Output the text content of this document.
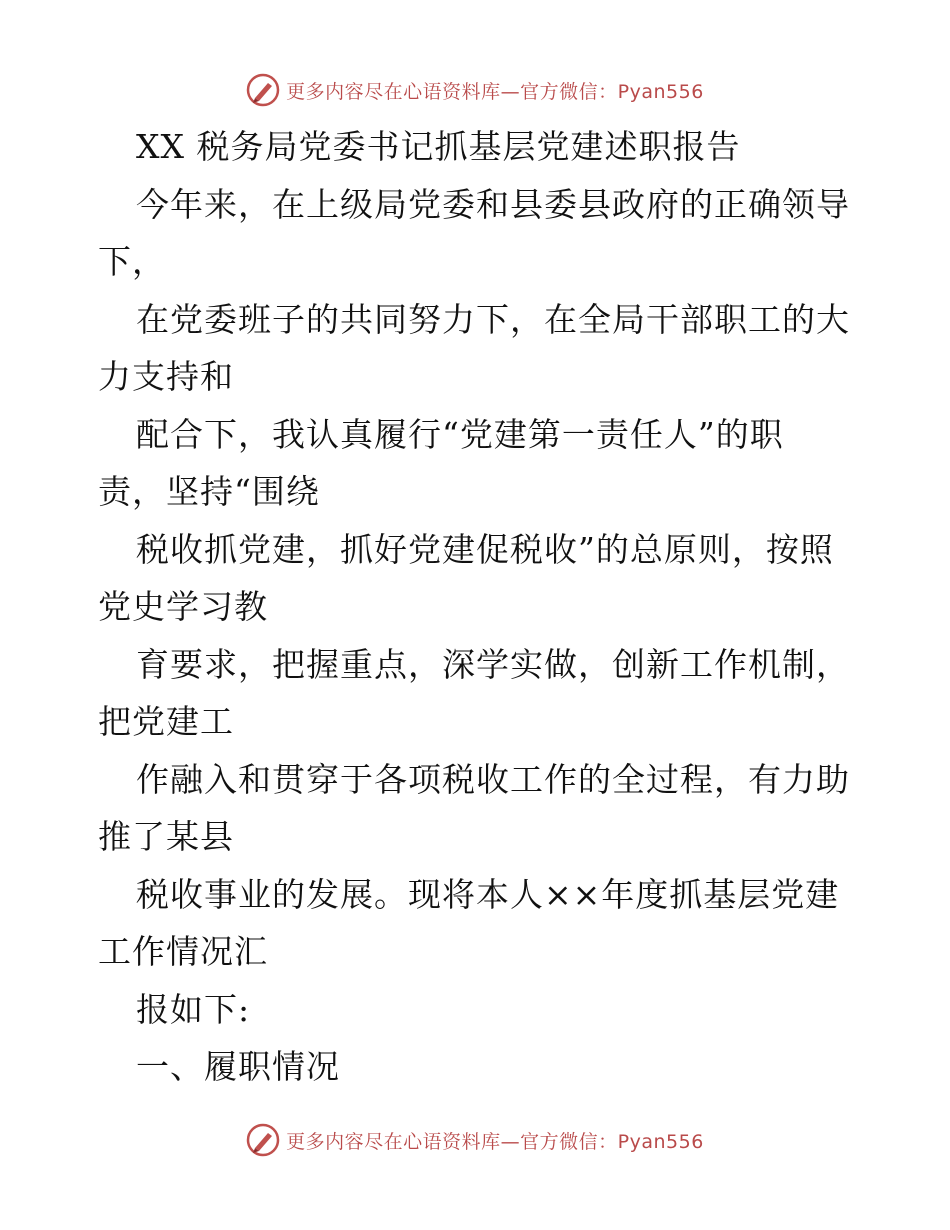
更多内容尽在心语资料库—官方微信：Pyan556
XX 税务局党委书记抓基层党建述职报告
今年来，在上级局党委和县委县政府的正确领导
下，
在党委班子的共同努力下，在全局干部职工的大
力支持和
配合下，我认真履行“党建第一责任人”的职
责，坚持“围绕
税收抓党建，抓好党建促税收”的总原则，按照
党史学习教
育要求，把握重点，深学实做，创新工作机制，
把党建工
作融入和贯穿于各项税收工作的全过程，有力助
推了某县
税收事业的发展。现将本人××年度抓基层党建
工作情况汇
报如下:
一、履职情况
更多内容尽在心语资料库—官方微信：Pyan556
